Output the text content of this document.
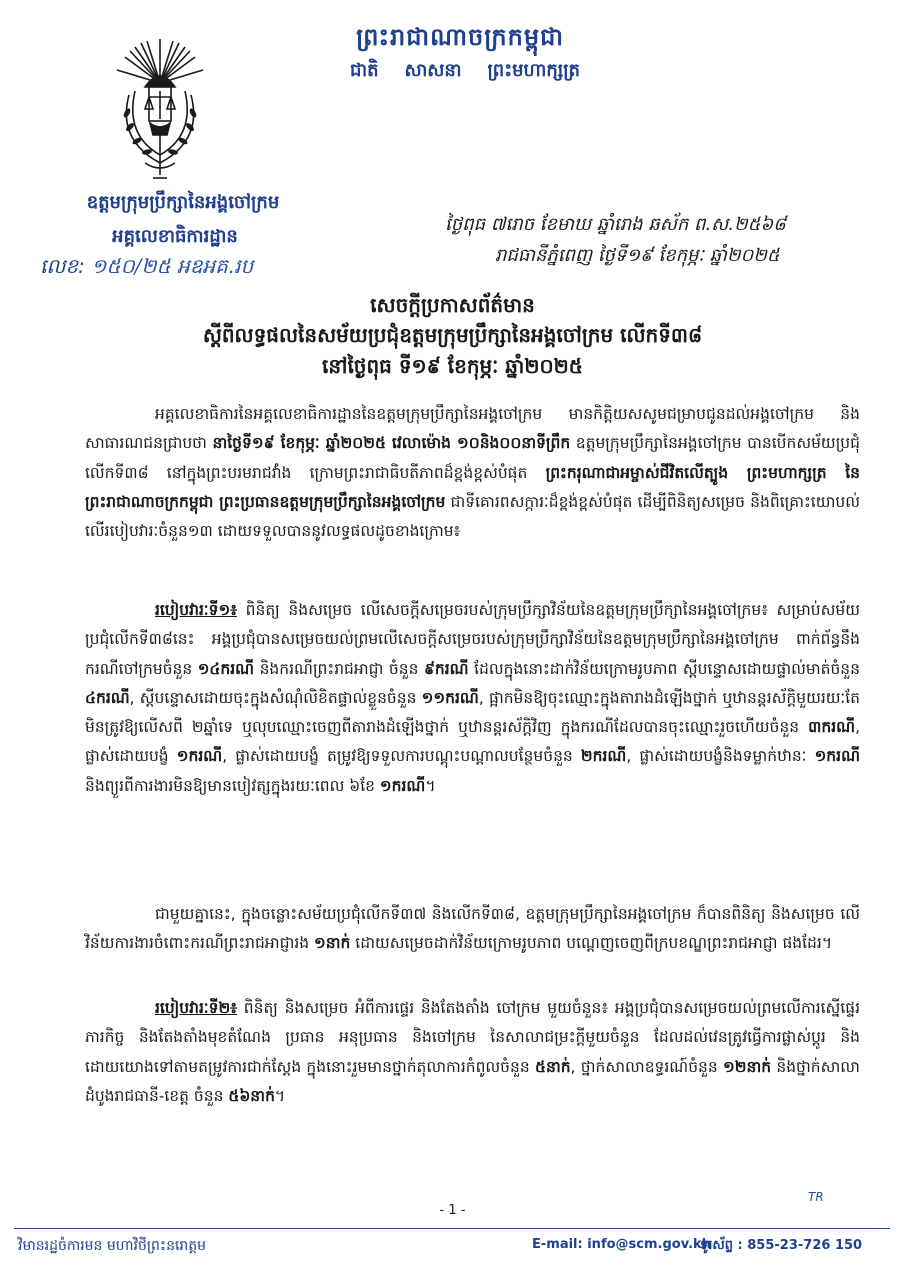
ព្រះរាជាណាចក្រកម្ពុជា
ជាតិ សាសនា ព្រះមហាក្សត្រ
ឧត្តមក្រុមប្រឹក្សានៃអង្គចៅក្រម
អគ្គលេខាធិការដ្ឋាន
លេខ: ១៥០/២៥ អឧអគ.រប
ថ្ងៃពុធ ៧រោច ខែមាឃ ឆ្នាំរោង ឆស័ក ព.ស.២៥៦៨
រាជធានីភ្នំពេញ ថ្ងៃទី១៩ ខែកុម្ភៈ ឆ្នាំ២០២៥
សេចក្ដីប្រកាសព័ត៌មាន
ស្ដីពីលទ្ធផលនៃសម័យប្រជុំឧត្តមក្រុមប្រឹក្សានៃអង្គចៅក្រម លើកទី៣៨
នៅថ្ងៃពុធ ទី១៩ ខែកុម្ភៈ ឆ្នាំ២០២៥
អគ្គលេខាធិការនៃអគ្គលេខាធិការដ្ឋាននៃឧត្តមក្រុមប្រឹក្សានៃអង្គចៅក្រម មានកិត្តិយសសូមជម្រាបជូនដល់អង្គចៅក្រម និងសាធារណជនជ្រាបថា នាថ្ងៃទី១៩ ខែកុម្ភៈ ឆ្នាំ២០២៥ វេលាម៉ោង ១០និង០០នាទីព្រឹក ឧត្តមក្រុមប្រឹក្សានៃអង្គចៅក្រម បានបើកសម័យប្រជុំលើកទី៣៨ នៅក្នុងព្រះបរមរាជវាំង ក្រោមព្រះរាជាធិបតីភាពដ៏ខ្ពង់ខ្ពស់បំផុត ព្រះករុណាជាអម្ចាស់ជីវិតលើត្បូង ព្រះមហាក្សត្រ នៃព្រះរាជាណាចក្រកម្ពុជា ព្រះប្រធានឧត្តមក្រុមប្រឹក្សានៃអង្គចៅក្រម ជាទីគោរពសក្ការៈដ៏ខ្ពង់ខ្ពស់បំផុត ដើម្បីពិនិត្យសម្រេច និងពិគ្រោះយោបល់ លើរបៀបវារៈចំនួន១៣ ដោយទទួលបាននូវលទ្ធផលដូចខាងក្រោម៖
របៀបវារៈទី១៖ ពិនិត្យ និងសម្រេច លើសេចក្ដីសម្រេចរបស់ក្រុមប្រឹក្សាវិន័យនៃឧត្តមក្រុមប្រឹក្សានៃអង្គចៅក្រម៖ សម្រាប់សម័យប្រជុំលើកទី៣៨នេះ អង្គប្រជុំបានសម្រេចយល់ព្រមលើសេចក្ដីសម្រេចរបស់ក្រុមប្រឹក្សាវិន័យនៃឧត្តមក្រុមប្រឹក្សានៃអង្គចៅក្រម ពាក់ព័ន្ធនឹងករណីចៅក្រមចំនួន ១៤ករណី និងករណីព្រះរាជអាជ្ញា ចំនួន ៩ករណី ដែលក្នុងនោះដាក់វិន័យក្រោមរូបភាព ស្ដីបន្ទោសដោយផ្ទាល់មាត់ចំនួន ៤ករណី, ស្ដីបន្ទោសដោយចុះក្នុងសំណុំលិខិតផ្ទាល់ខ្លួនចំនួន ១១ករណី, ផ្អាកមិនឱ្យចុះឈ្មោះក្នុងតារាងដំឡើងថ្នាក់ ឬឋានន្តរស័ក្តិមួយរយៈតែមិនត្រូវឱ្យលើសពី ២ឆ្នាំទេ ឬលុបឈ្មោះចេញពីតារាងដំឡើងថ្នាក់ ឬឋានន្តរស័ក្តិវិញ ក្នុងករណីដែលបានចុះឈ្មោះរួចហើយចំនួន ៣ករណី, ផ្លាស់ដោយបង្ខំ ១ករណី, ផ្លាស់ដោយបង្ខំ តម្រូវឱ្យទទួលការបណ្ដុះបណ្ដាលបន្ថែមចំនួន ២ករណី, ផ្លាស់ដោយបង្ខំនិងទម្លាក់ឋានៈ ១ករណី និងព្យួរពីការងារមិនឱ្យមានបៀវត្សក្នុងរយៈពេល ៦ខែ ១ករណី។
ជាមួយគ្នានេះ, ក្នុងចន្លោះសម័យប្រជុំលើកទី៣៧ និងលើកទី៣៨, ឧត្តមក្រុមប្រឹក្សានៃអង្គចៅក្រម ក៏បានពិនិត្យ និងសម្រេច លើវិន័យការងារចំពោះករណីព្រះរាជអាជ្ញារង ១នាក់ ដោយសម្រេចដាក់វិន័យក្រោមរូបភាព បណ្ដេញចេញពីក្របខណ្ឌព្រះរាជអាជ្ញា ផងដែរ។
របៀបវារៈទី២៖ ពិនិត្យ និងសម្រេច អំពីការផ្ទេរ និងតែងតាំង ចៅក្រម មួយចំនួន៖ អង្គប្រជុំបានសម្រេចយល់ព្រមលើការស្នើផ្ទេរភារកិច្ច និងតែងតាំងមុខតំណែង ប្រធាន អនុប្រធាន និងចៅក្រម នៃសាលាជម្រះក្ដីមួយចំនួន ដែលដល់វេនត្រូវធ្វើការផ្លាស់ប្ដូរ និងដោយយោងទៅតាមតម្រូវការជាក់ស្ដែង ក្នុងនោះរួមមានថ្នាក់តុលាការកំពូលចំនួន ៥នាក់, ថ្នាក់សាលាឧទ្ធរណ៍ចំនួន ១២នាក់ និងថ្នាក់សាលាដំបូងរាជធានី-ខេត្ត ចំនួន ៥៦នាក់។
- 1 -
TR
វិមានរដ្ឋចំការមន មហាវិថីព្រះនរោត្តម	E-mail: info@scm.gov.kh
ទូរស័ព្ទ : 855-23-726 150
